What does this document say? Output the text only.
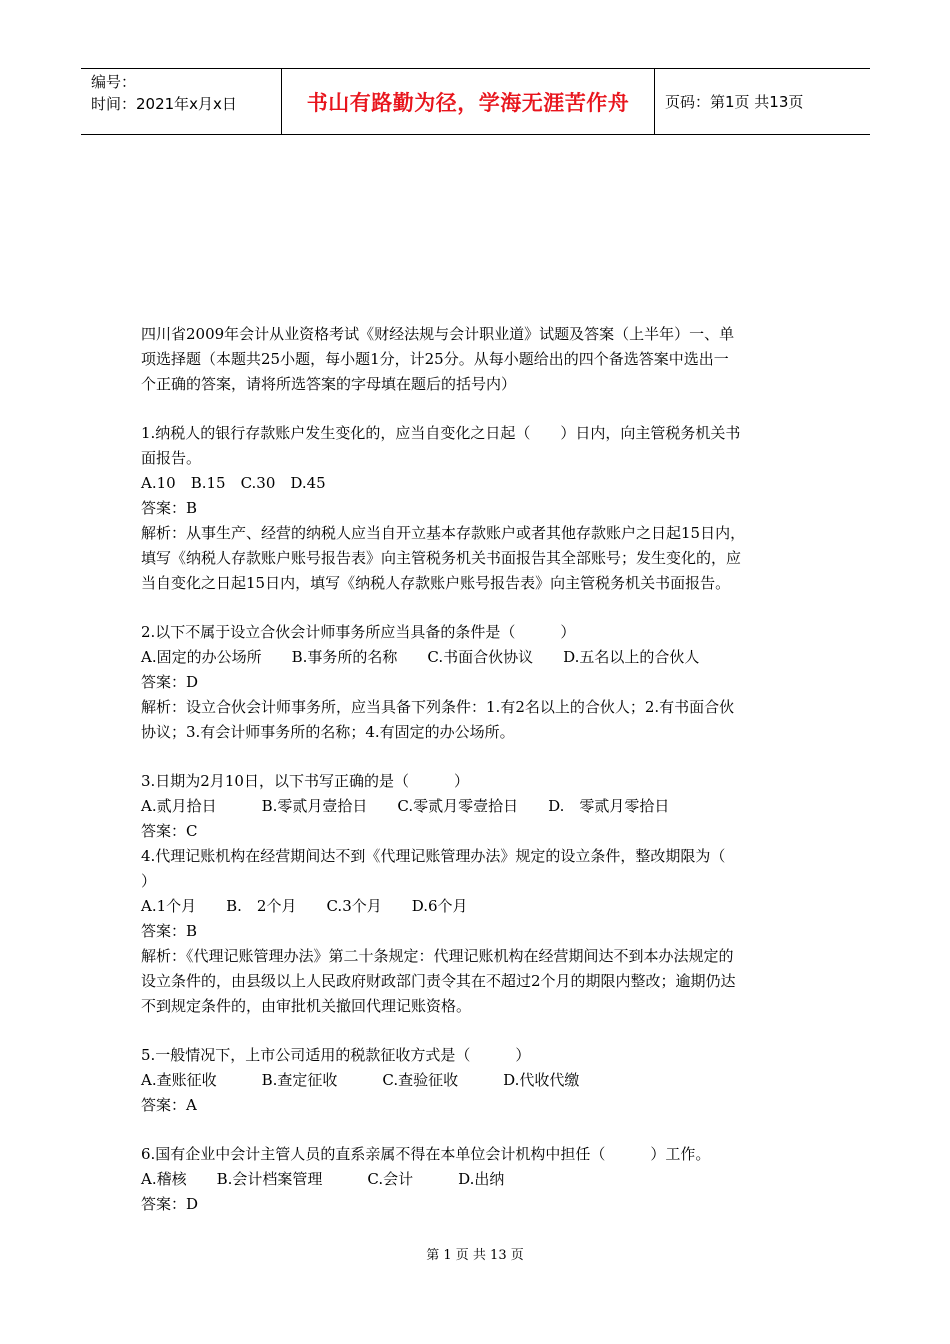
编号：
时间：2021年x月x日	书山有路勤为径，学海无涯苦作舟 页码：第1页 共13页

四川省2009年会计从业资格考试《财经法规与会计职业道》试题及答案（上半年）一、单

项选择题（本题共25小题，每小题1分，计25分。从每小题给出的四个备选答案中选出一

个正确的答案，请将所选答案的字母填在题后的括号内）

1.纳税人的银行存款账户发生变化的，应当自变化之日起（　　）日内，向主管税务机关书

面报告。

A.10　B.15　C.30　D.45

答案：B

解析：从事生产、经营的纳税人应当自开立基本存款账户或者其他存款账户之日起15日内，

填写《纳税人存款账户账号报告表》向主管税务机关书面报告其全部账号；发生变化的，应

当自变化之日起15日内，填写《纳税人存款账户账号报告表》向主管税务机关书面报告。

2.以下不属于设立合伙会计师事务所应当具备的条件是（　　　）

A.固定的办公场所　　B.事务所的名称　　C.书面合伙协议　　D.五名以上的合伙人

答案：D

解析：设立合伙会计师事务所，应当具备下列条件：1.有2名以上的合伙人；2.有书面合伙

协议；3.有会计师事务所的名称；4.有固定的办公场所。

3.日期为2月10日，以下书写正确的是（　　　）

A.贰月拾日　　　B.零贰月壹拾日　　C.零贰月零壹拾日　　D.　零贰月零拾日

答案：C

4.代理记账机构在经营期间达不到《代理记账管理办法》规定的设立条件，整改期限为（

）

A.1个月　　B.　2个月　　C.3个月　　D.6个月

答案：B

解析：《代理记账管理办法》第二十条规定：代理记账机构在经营期间达不到本办法规定的

设立条件的，由县级以上人民政府财政部门责令其在不超过2个月的期限内整改；逾期仍达

不到规定条件的，由审批机关撤回代理记账资格。

5.一般情况下，上市公司适用的税款征收方式是（　　　）

A.查账征收　　　B.查定征收　　　C.查验征收　　　D.代收代缴

答案：A

6.国有企业中会计主管人员的直系亲属不得在本单位会计机构中担任（　　　）工作。

A.稽核　　B.会计档案管理　　　C.会计　　　D.出纳

答案：D

第 1 页 共 13 页
